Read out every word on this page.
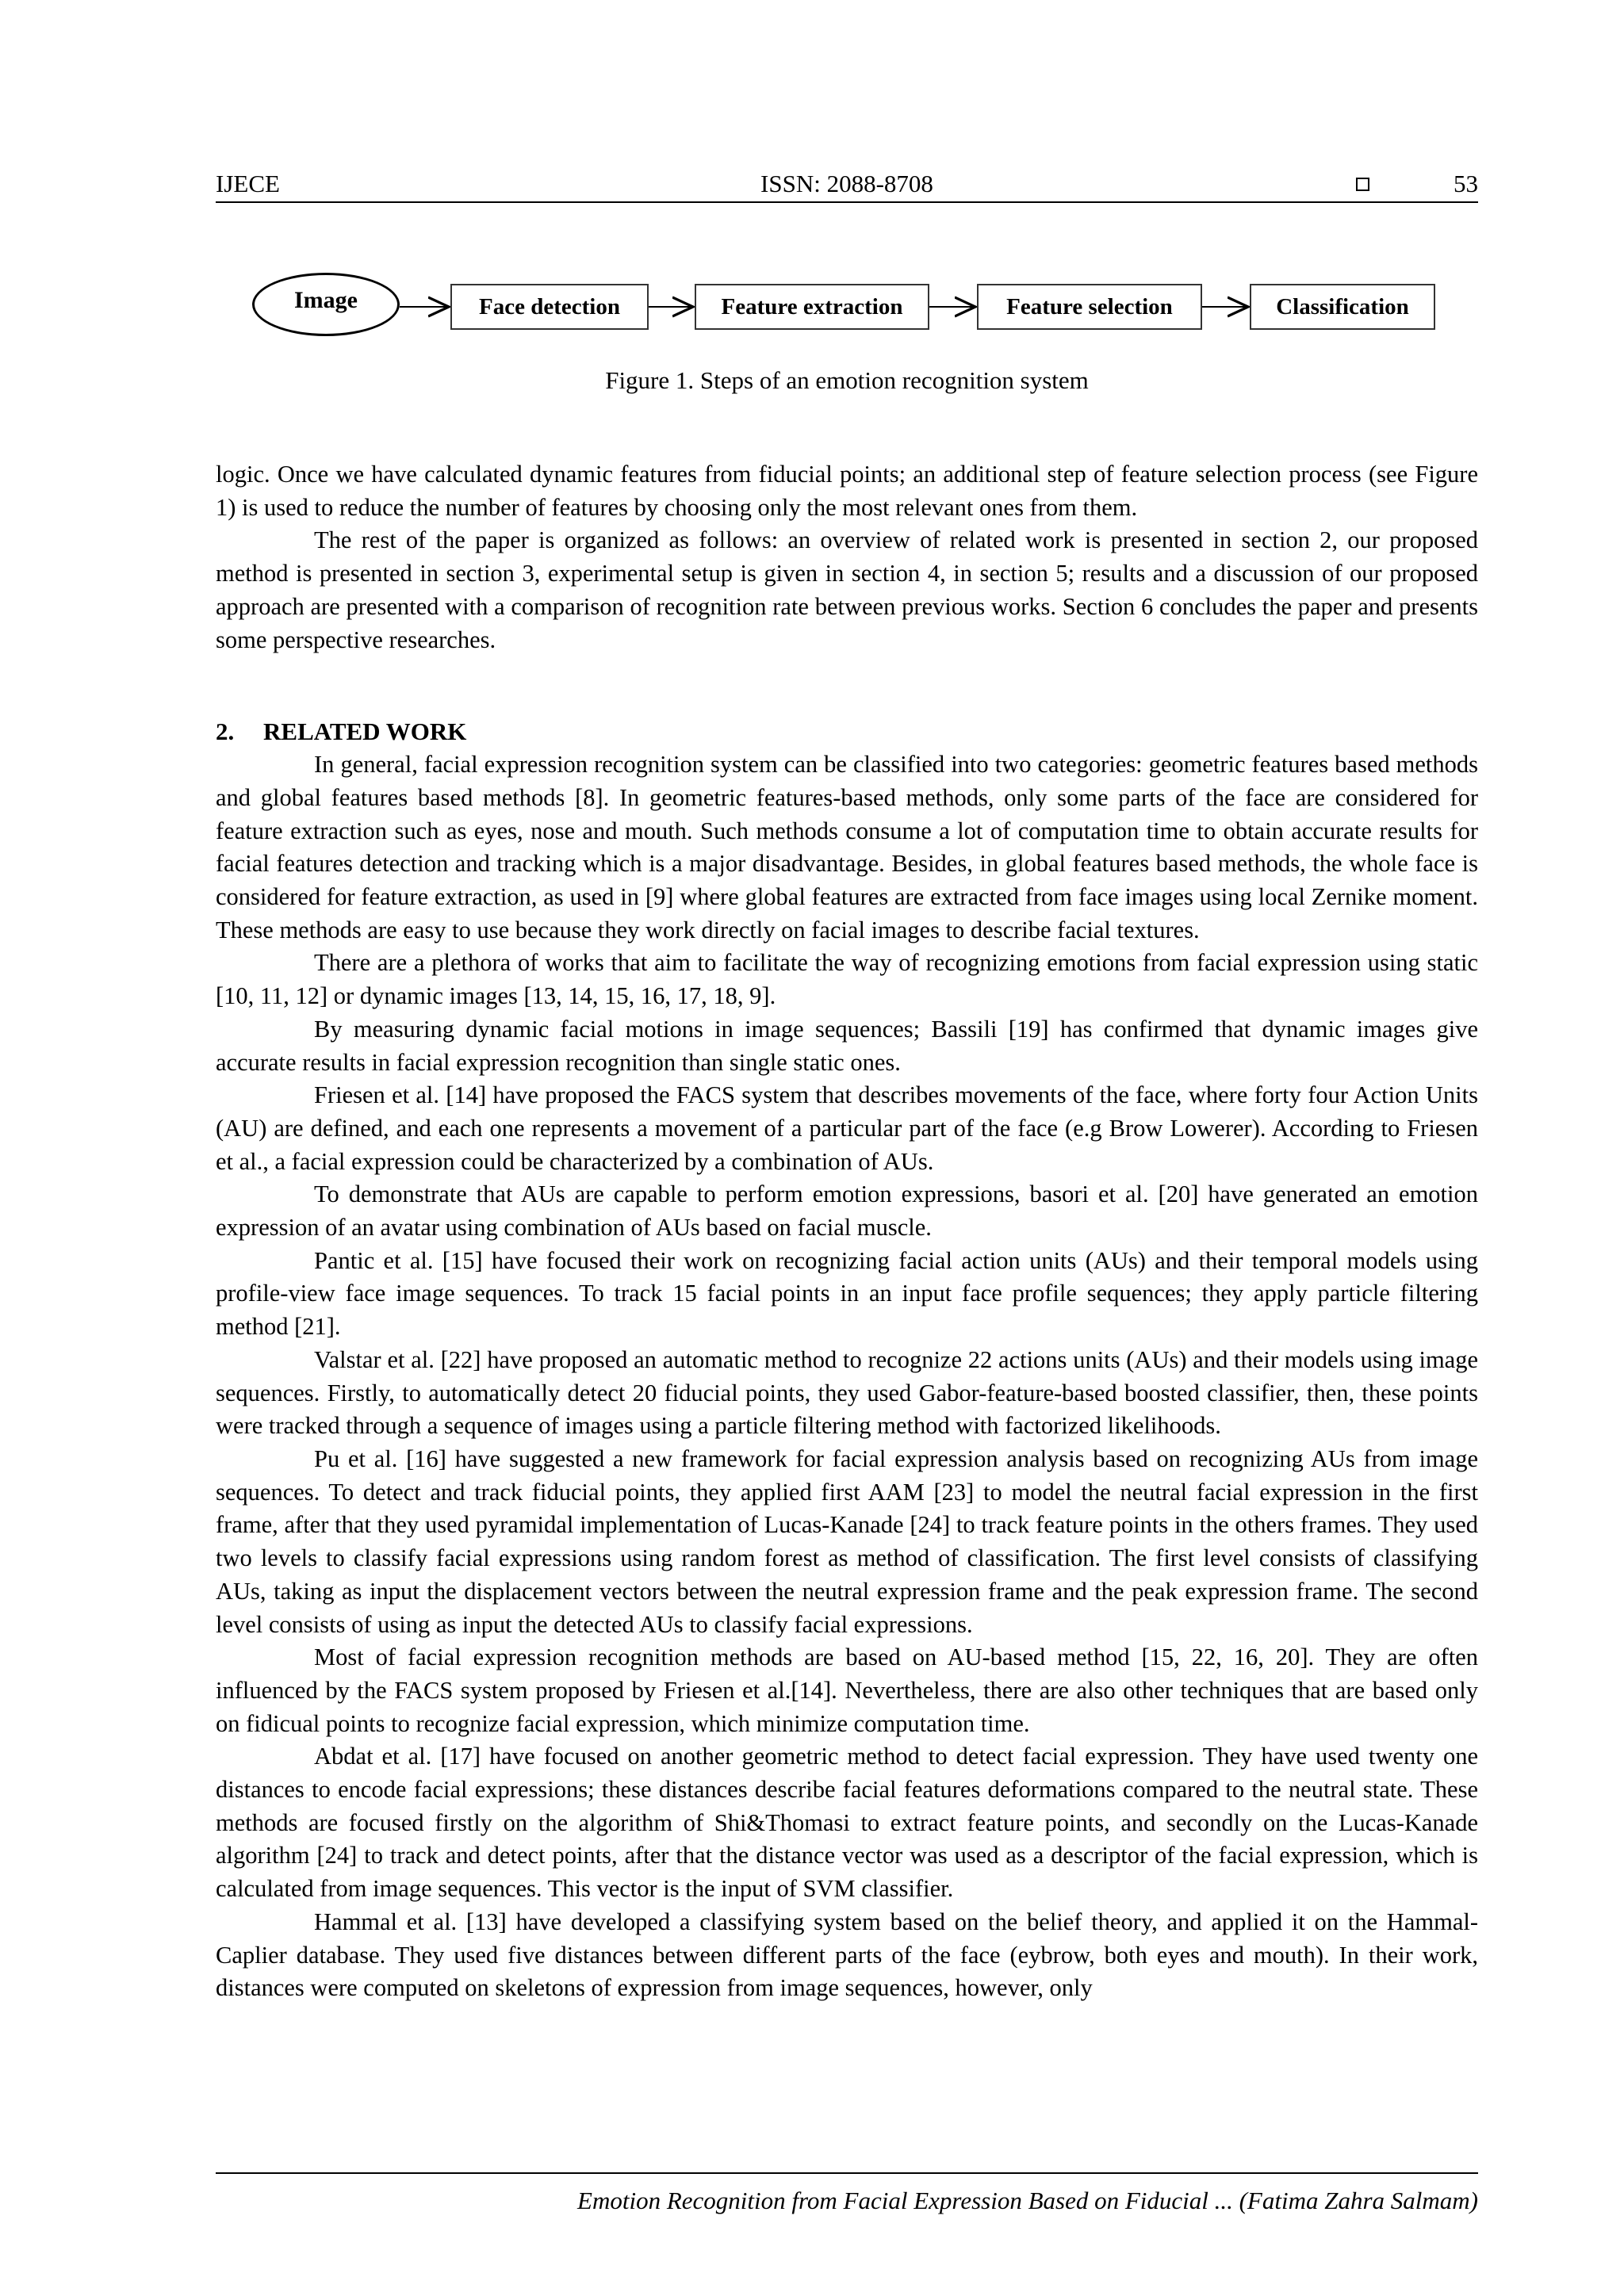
IJECE	ISSN: 2088-8708	53
Image	Face detection	Feature extraction	Feature selection	Classification
Figure 1. Steps of an emotion recognition system

logic. Once we have calculated dynamic features from fiducial points; an additional step of feature selection process (see Figure 1) is used to reduce the number of features by choosing only the most relevant ones from them.

The rest of the paper is organized as follows: an overview of related work is presented in section 2, our proposed method is presented in section 3, experimental setup is given in section 4, in section 5; results and a discussion of our proposed approach are presented with a comparison of recognition rate between previous works. Section 6 concludes the paper and presents some perspective researches.

2. RELATED WORK

In general, facial expression recognition system can be classified into two categories: geometric features based methods and global features based methods [8]. In geometric features-based methods, only some parts of the face are considered for feature extraction such as eyes, nose and mouth. Such methods consume a lot of computation time to obtain accurate results for facial features detection and tracking which is a major disadvantage. Besides, in global features based methods, the whole face is considered for feature extraction, as used in [9] where global features are extracted from face images using local Zernike moment. These methods are easy to use because they work directly on facial images to describe facial textures.

There are a plethora of works that aim to facilitate the way of recognizing emotions from facial expression using static [10, 11, 12] or dynamic images [13, 14, 15, 16, 17, 18, 9].

By measuring dynamic facial motions in image sequences; Bassili [19] has confirmed that dynamic images give accurate results in facial expression recognition than single static ones.

Friesen et al. [14] have proposed the FACS system that describes movements of the face, where forty four Action Units (AU) are defined, and each one represents a movement of a particular part of the face (e.g Brow Lowerer). According to Friesen et al., a facial expression could be characterized by a combination of AUs.

To demonstrate that AUs are capable to perform emotion expressions, basori et al. [20] have generated an emotion expression of an avatar using combination of AUs based on facial muscle.

Pantic et al. [15] have focused their work on recognizing facial action units (AUs) and their temporal models using profile-view face image sequences. To track 15 facial points in an input face profile sequences; they apply particle filtering method [21].

Valstar et al. [22] have proposed an automatic method to recognize 22 actions units (AUs) and their models using image sequences. Firstly, to automatically detect 20 fiducial points, they used Gabor-feature-based boosted classifier, then, these points were tracked through a sequence of images using a particle filtering method with factorized likelihoods.

Pu et al. [16] have suggested a new framework for facial expression analysis based on recognizing AUs from image sequences. To detect and track fiducial points, they applied first AAM [23] to model the neutral facial expression in the first frame, after that they used pyramidal implementation of Lucas-Kanade [24] to track feature points in the others frames. They used two levels to classify facial expressions using random forest as method of classification. The first level consists of classifying AUs, taking as input the displacement vectors between the neutral expression frame and the peak expression frame. The second level consists of using as input the detected AUs to classify facial expressions.

Most of facial expression recognition methods are based on AU-based method [15, 22, 16, 20]. They are often influenced by the FACS system proposed by Friesen et al.[14]. Nevertheless, there are also other techniques that are based only on fidicual points to recognize facial expression, which minimize computation time.

Abdat et al. [17] have focused on another geometric method to detect facial expression. They have used twenty one distances to encode facial expressions; these distances describe facial features deformations compared to the neutral state. These methods are focused firstly on the algorithm of Shi&Thomasi to extract feature points, and secondly on the Lucas-Kanade algorithm [24] to track and detect points, after that the distance vector was used as a descriptor of the facial expression, which is calculated from image sequences. This vector is the input of SVM classifier.

Hammal et al. [13] have developed a classifying system based on the belief theory, and applied it on the Hammal-Caplier database. They used five distances between different parts of the face (eybrow, both eyes and mouth). In their work, distances were computed on skeletons of expression from image sequences, however, only

Emotion Recognition from Facial Expression Based on Fiducial ... (Fatima Zahra Salmam)
